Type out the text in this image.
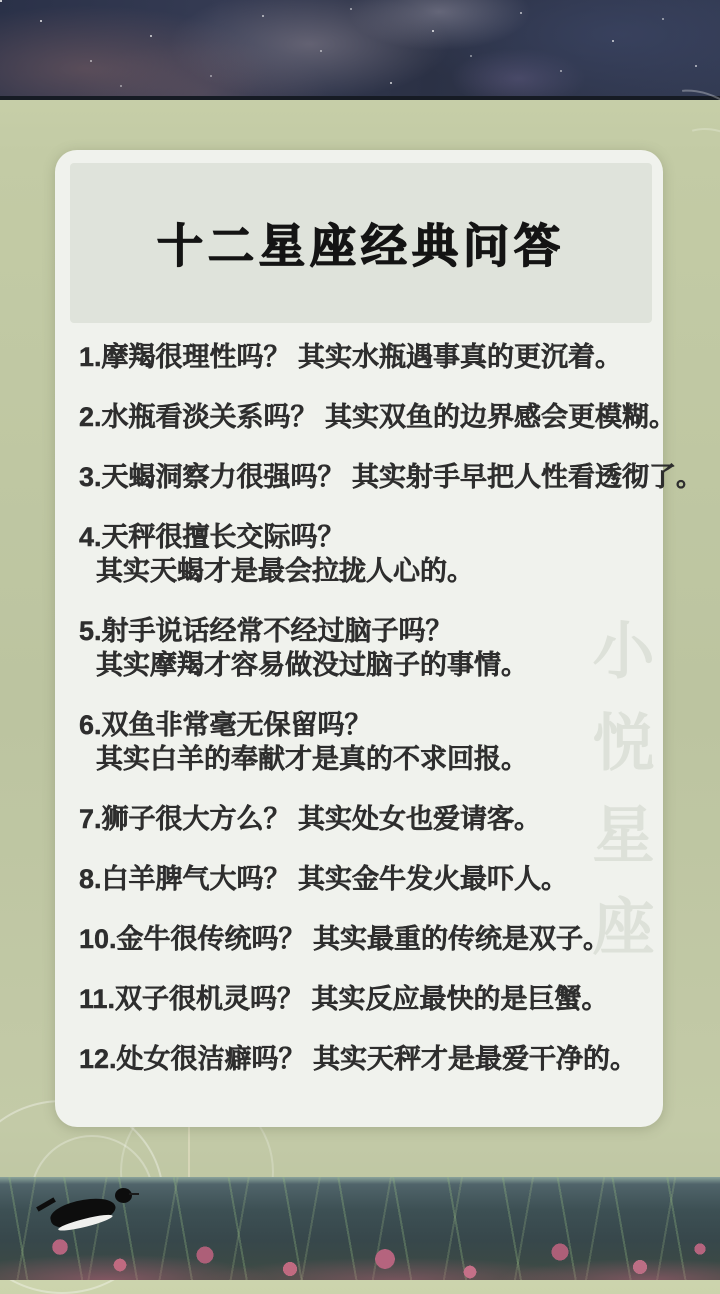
十二星座经典问答
1.摩羯很理性吗？ 其实水瓶遇事真的更沉着。
2.水瓶看淡关系吗？ 其实双鱼的边界感会更模糊。
3.天蝎洞察力很强吗？ 其实射手早把人性看透彻了。
4.天秤很擅长交际吗？
其实天蝎才是最会拉拢人心的。
5.射手说话经常不经过脑子吗？
其实摩羯才容易做没过脑子的事情。
6.双鱼非常毫无保留吗？
其实白羊的奉献才是真的不求回报。
7.狮子很大方么？ 其实处女也爱请客。
8.白羊脾气大吗？ 其实金牛发火最吓人。
10.金牛很传统吗？ 其实最重的传统是双子。
11.双子很机灵吗？ 其实反应最快的是巨蟹。
12.处女很洁癖吗？ 其实天秤才是最爱干净的。
小悦星座
